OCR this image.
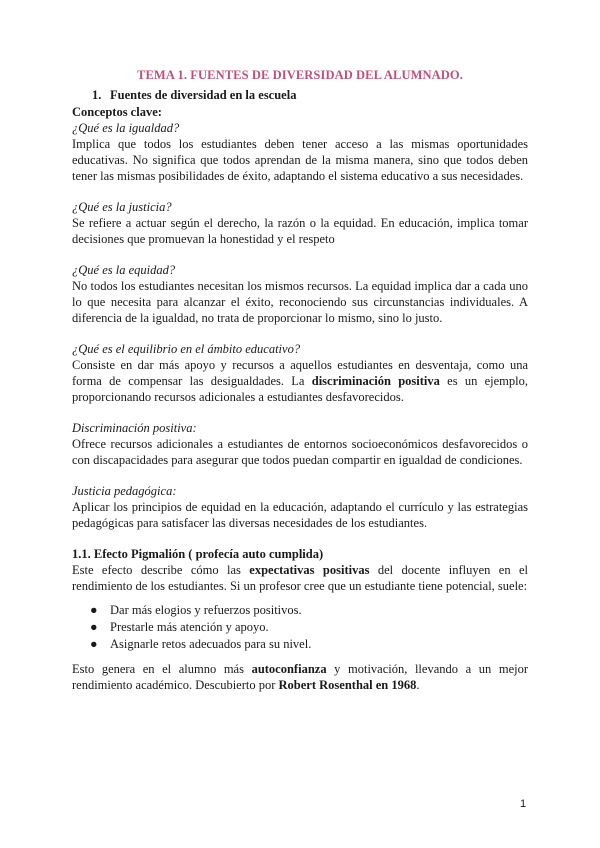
TEMA 1. FUENTES DE DIVERSIDAD DEL ALUMNADO.

1. Fuentes de diversidad en la escuela

Conceptos clave:

¿Qué es la igualdad?

Implica que todos los estudiantes deben tener acceso a las mismas oportunidades educativas. No significa que todos aprendan de la misma manera, sino que todos deben tener las mismas posibilidades de éxito, adaptando el sistema educativo a sus necesidades.

¿Qué es la justicia?

Se refiere a actuar según el derecho, la razón o la equidad. En educación, implica tomar decisiones que promuevan la honestidad y el respeto

¿Qué es la equidad?

No todos los estudiantes necesitan los mismos recursos. La equidad implica dar a cada uno lo que necesita para alcanzar el éxito, reconociendo sus circunstancias individuales. A diferencia de la igualdad, no trata de proporcionar lo mismo, sino lo justo.

¿Qué es el equilibrio en el ámbito educativo?

Consiste en dar más apoyo y recursos a aquellos estudiantes en desventaja, como una forma de compensar las desigualdades. La discriminación positiva es un ejemplo, proporcionando recursos adicionales a estudiantes desfavorecidos.

Discriminación positiva:

Ofrece recursos adicionales a estudiantes de entornos socioeconómicos desfavorecidos o con discapacidades para asegurar que todos puedan compartir en igualdad de condiciones.

Justicia pedagógica:

Aplicar los principios de equidad en la educación, adaptando el currículo y las estrategias pedagógicas para satisfacer las diversas necesidades de los estudiantes.

1.1. Efecto Pigmalión ( profecía auto cumplida)

Este efecto describe cómo las expectativas positivas del docente influyen en el rendimiento de los estudiantes. Si un profesor cree que un estudiante tiene potencial, suele:

● Dar más elogios y refuerzos positivos.
● Prestarle más atención y apoyo.
● Asignarle retos adecuados para su nivel.

Esto genera en el alumno más autoconfianza y motivación, llevando a un mejor rendimiento académico. Descubierto por Robert Rosenthal en 1968.

1
